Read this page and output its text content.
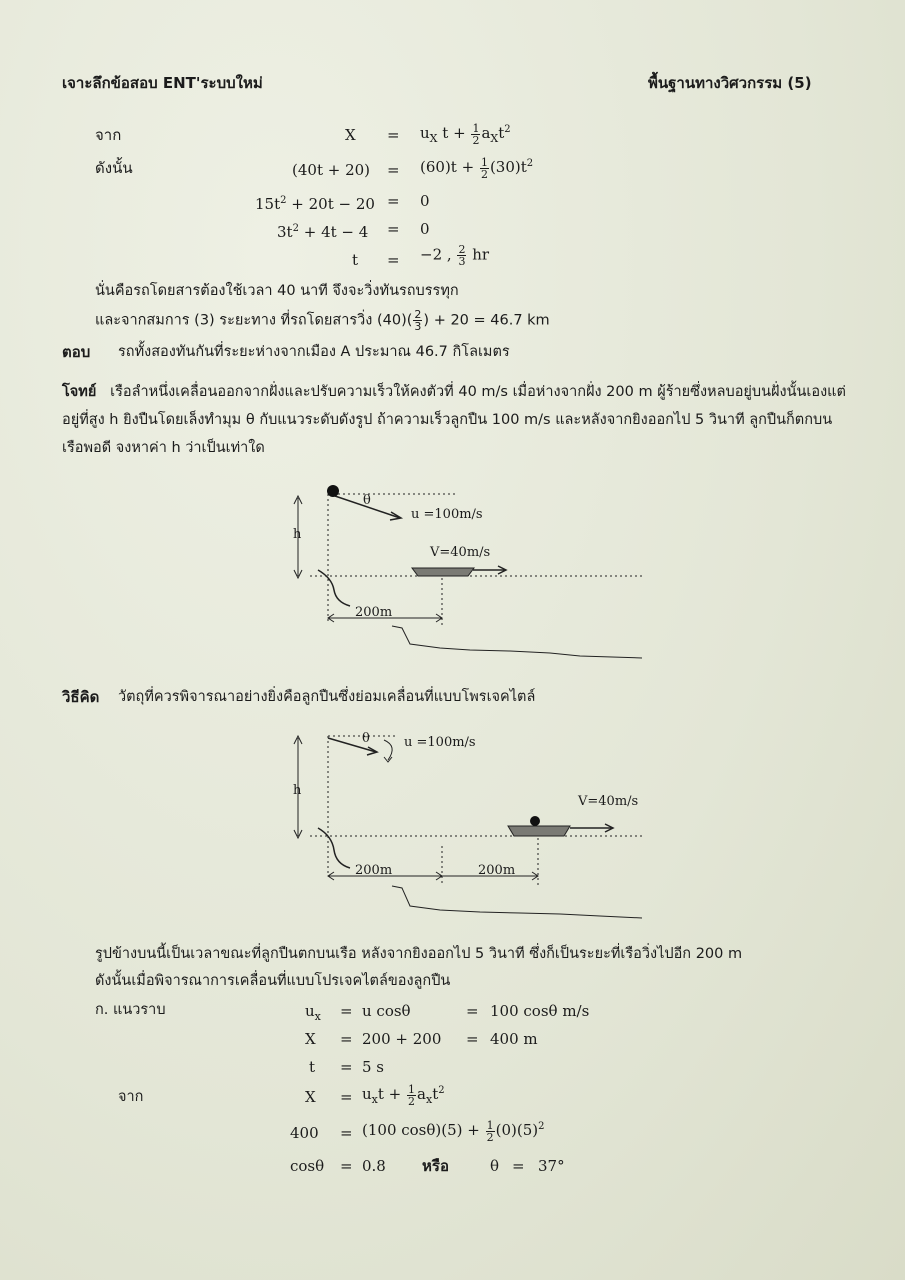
เจาะลึกข้อสอบ ENT'ระบบใหม่	พื้นฐานทางวิศวกรรม (5)
จาก	$X = u_X$ $t + \frac{1}{2} a_Xt^2$
ดังนั้น	$(40t + 20) = (60)t + \frac{1}{2} (30)t^2$
$15t^2 + 20t - 20 = 0$
$3t^2 + 4t - 4 = 0$
t = −2 , $\frac{2}{3}$ hr
นั่นคือรถโดยสารต้องใช้เวลา 40 นาที จึงจะวิ่งทันรถบรรทุก
และจากสมการ (3) ระยะทาง ที่รถโดยสารวิ่ง $(40)( \frac{2}{3}$ ) + 20 = 46.7 km
ตอบ รถทั้งสองทันกันที่ระยะห่างจากเมือง A ประมาณ 46.7 กิโลเมตร
โจทย์ เรือลำหนึ่งเคลื่อนออกจากฝั่งและปรับความเร็วให้คงตัวที่ 40 m/s เมื่อห่างจากฝั่ง 200 m ผู้ร้ายซึ่งหลบอยู่บนฝั่งนั้นเองแต่อยู่ที่สูง h ยิงปืนโดยเล็งทำมุม θ กับแนวระดับดังรูป ถ้าความเร็วลูกปืน 100 m/s และหลังจากยิงออกไป 5 วินาที ลูกปืนก็ตกบนเรือพอดี จงหาค่า h ว่าเป็นเท่าใด
θ
u =100m/s
h
V=40m/s
200m
วิธีคิด วัตถุที่ควรพิจารณาอย่างยิ่งคือลูกปืนซึ่งย่อมเคลื่อนที่แบบโพรเจคไตล์
θ	u =100m/s
h
V=40m/s
200m	200m
รูปข้างบนนี้เป็นเวลาขณะที่ลูกปืนตกบนเรือ หลังจากยิงออกไป 5 วินาที ซึ่งก็เป็นระยะที่เรือวิ่งไปอีก 200 m
ดังนั้นเมื่อพิจารณาการเคลื่อนที่แบบโปรเจคไตล์ของลูกปืน
ก. แนวราบ	$u_x = u$ cosθ	= 100 cosθ m/s
X = 200 + 200 = 400 m
t = 5 s
จาก	$X = u_xt + \frac{1}{2} a_xt^2$
400 = (100 $\cos\theta)(5) + \frac{1}{2} (0)(5)^2$
cosθ = 0.8 หรือ	θ = 37°
